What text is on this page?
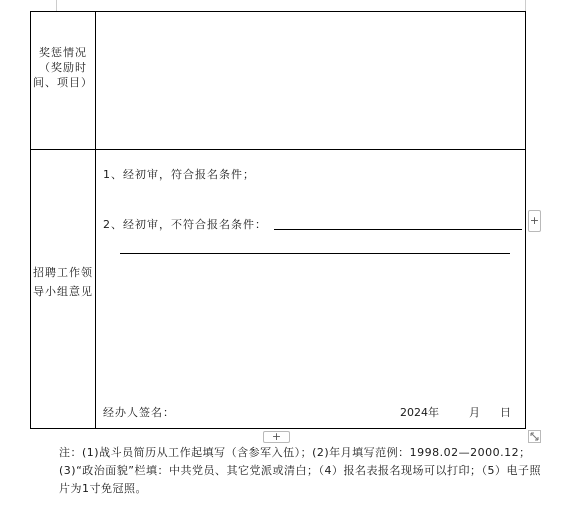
奖惩情况（奖励时间、项目）
招聘工作领导小组意见
1、经初审，符合报名条件；
2、经初审，不符合报名条件：
经办人签名：	2024年	月 日
+
+
注：(1)战斗员简历从工作起填写（含参军入伍）；(2)年月填写范例：1998.02—2000.12；(3)“政治面貌”栏填：中共党员、其它党派或清白；（4）报名表报名现场可以打印；（5）电子照片为1寸免冠照。
